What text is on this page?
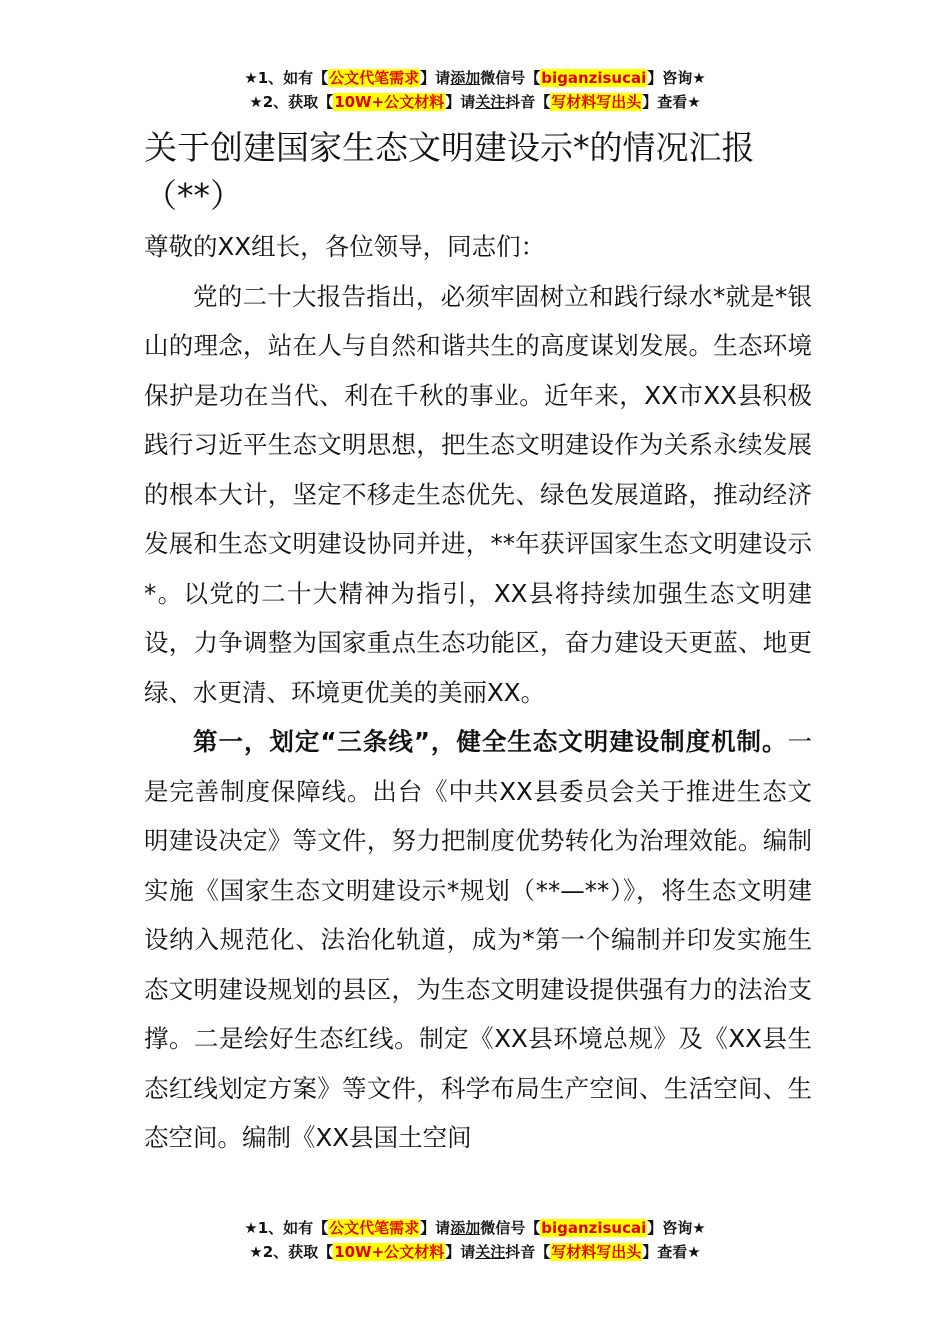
★1、如有【公文代笔需求】请添加微信号【biganzisucai】咨询★
★2、获取【10W+公文材料】请关注抖音【写材料写出头】查看★
关于创建国家生态文明建设示*的情况汇报（**）

尊敬的XX组长，各位领导，同志们：

党的二十大报告指出，必须牢固树立和践行绿水*就是*银山的理念，站在人与自然和谐共生的高度谋划发展。生态环境保护是功在当代、利在千秋的事业。近年来，XX市XX县积极践行习近平生态文明思想，把生态文明建设作为关系永续发展的根本大计，坚定不移走生态优先、绿色发展道路，推动经济发展和生态文明建设协同并进，**年获评国家生态文明建设示*。以党的二十大精神为指引，XX县将持续加强生态文明建设，力争调整为国家重点生态功能区，奋力建设天更蓝、地更绿、水更清、环境更优美的美丽XX。

第一，划定“三条线”，健全生态文明建设制度机制。一是完善制度保障线。出台《中共XX县委员会关于推进生态文明建设决定》等文件，努力把制度优势转化为治理效能。编制实施《国家生态文明建设示*规划（**—**）》，将生态文明建设纳入规范化、法治化轨道，成为*第一个编制并印发实施生态文明建设规划的县区，为生态文明建设提供强有力的法治支撑。二是绘好生态红线。制定《XX县环境总规》及《XX县生态红线划定方案》等文件，科学布局生产空间、生活空间、生态空间。编制《XX县国土空间

★1、如有【公文代笔需求】请添加微信号【biganzisucai】咨询★
★2、获取【10W+公文材料】请关注抖音【写材料写出头】查看★
